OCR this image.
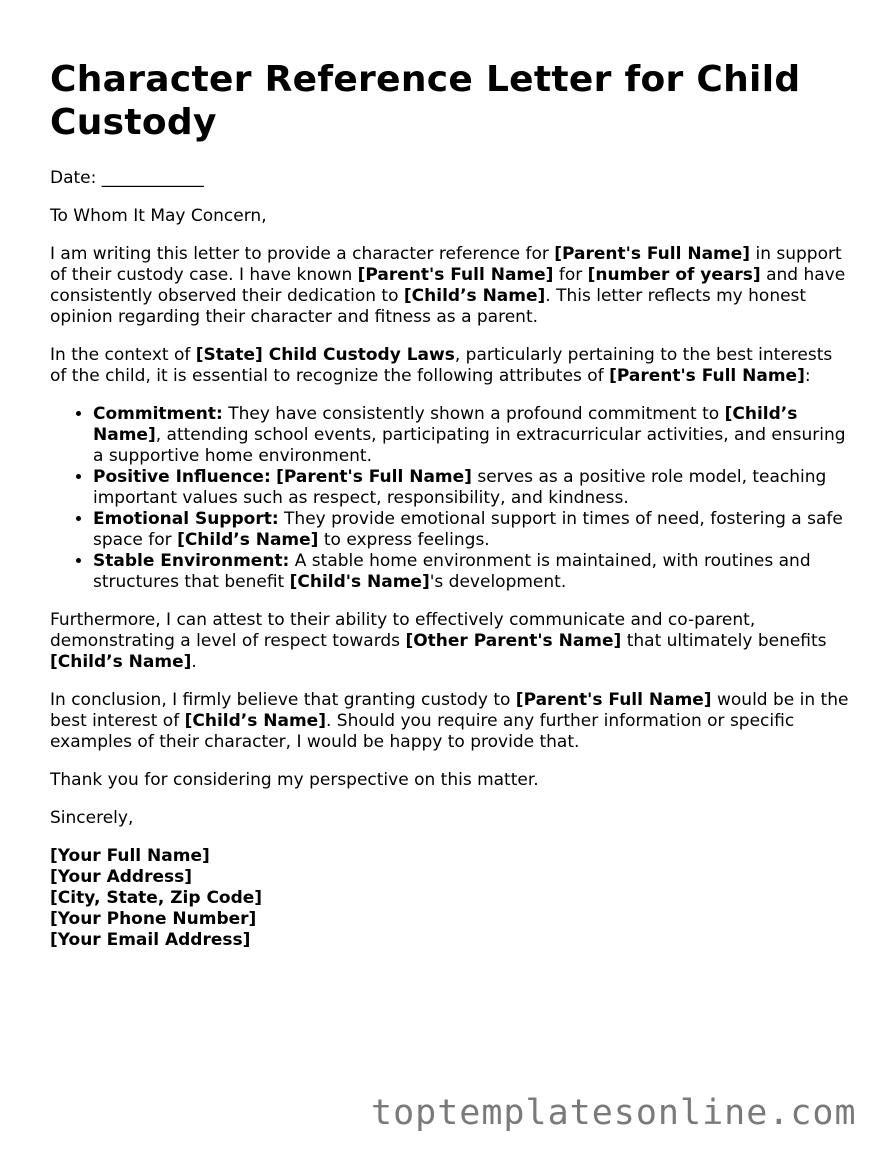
Character Reference Letter for Child Custody

Date: ____________

To Whom It May Concern,

I am writing this letter to provide a character reference for [Parent's Full Name] in support of their custody case. I have known [Parent's Full Name] for [number of years] and have consistently observed their dedication to [Child’s Name]. This letter reflects my honest opinion regarding their character and fitness as a parent.

In the context of [State] Child Custody Laws, particularly pertaining to the best interests of the child, it is essential to recognize the following attributes of [Parent's Full Name]:

• Commitment: They have consistently shown a profound commitment to [Child’s Name], attending school events, participating in extracurricular activities, and ensuring a supportive home environment.
• Positive Influence: [Parent's Full Name] serves as a positive role model, teaching important values such as respect, responsibility, and kindness.
• Emotional Support: They provide emotional support in times of need, fostering a safe space for [Child’s Name] to express feelings.
• Stable Environment: A stable home environment is maintained, with routines and structures that benefit [Child's Name]'s development.

Furthermore, I can attest to their ability to effectively communicate and co-parent, demonstrating a level of respect towards [Other Parent's Name] that ultimately benefits [Child’s Name].

In conclusion, I firmly believe that granting custody to [Parent's Full Name] would be in the best interest of [Child’s Name]. Should you require any further information or specific examples of their character, I would be happy to provide that.

Thank you for considering my perspective on this matter.

Sincerely,

[Your Full Name]
[Your Address]
[City, State, Zip Code]
[Your Phone Number]
[Your Email Address]
toptemplatesonline.com
